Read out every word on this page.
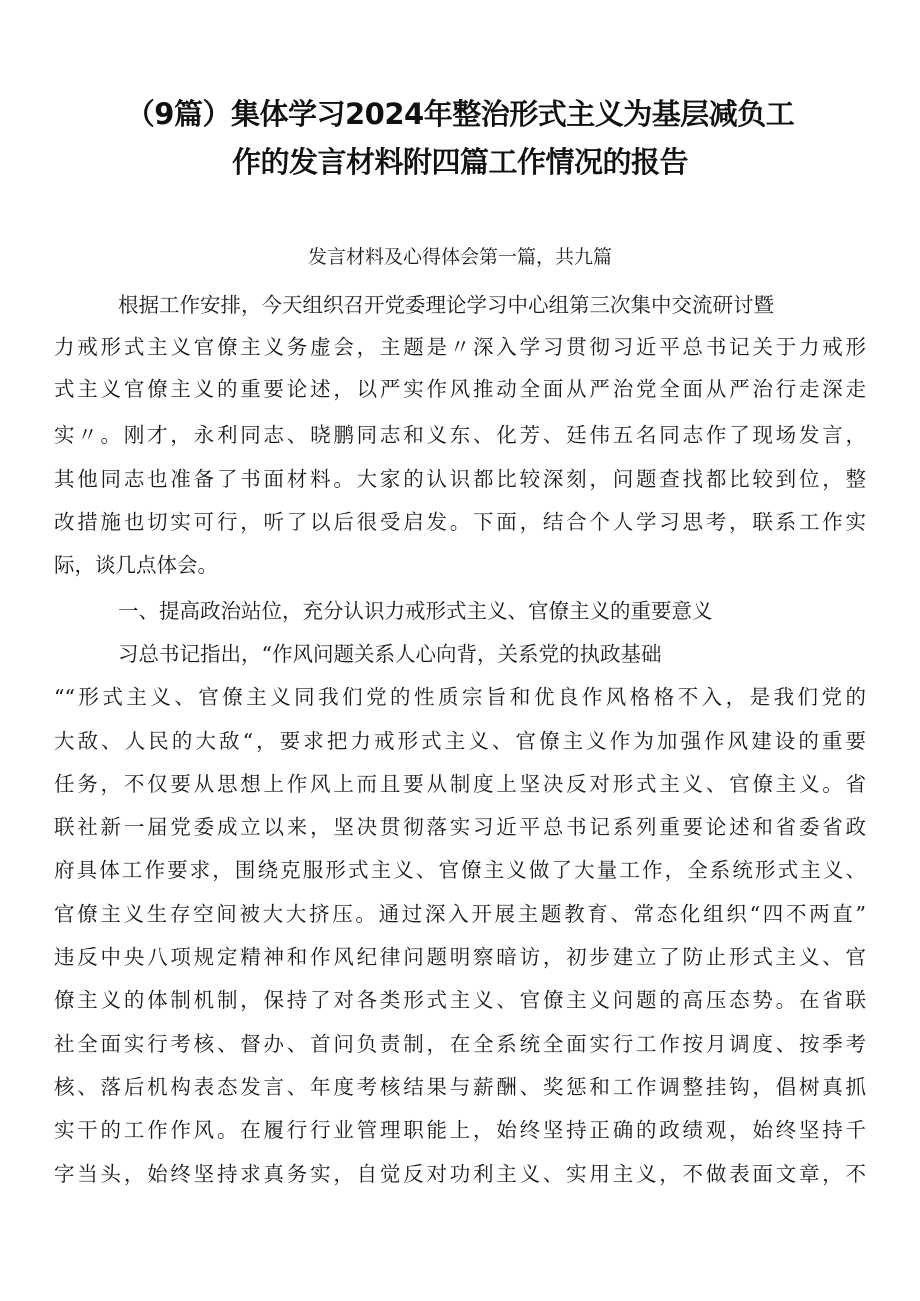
（9篇）集体学习2024年整治形式主义为基层减负工
作的发言材料附四篇工作情况的报告
发言材料及心得体会第一篇，共九篇
根据工作安排，今天组织召开党委理论学习中心组第三次集中交流研讨暨
力戒形式主义官僚主义务虚会，主题是〃深入学习贯彻习近平总书记关于力戒形
式主义官僚主义的重要论述，以严实作风推动全面从严治党全面从严治行走深走
实〃。刚才，永利同志、晓鹏同志和义东、化芳、廷伟五名同志作了现场发言，
其他同志也准备了书面材料。大家的认识都比较深刻，问题查找都比较到位，整
改措施也切实可行，听了以后很受启发。下面，结合个人学习思考，联系工作实
际，谈几点体会。
一、提高政治站位，充分认识力戒形式主义、官僚主义的重要意义
习总书记指出，“作风问题关系人心向背，关系党的执政基础
““形式主义、官僚主义同我们党的性质宗旨和优良作风格格不入，是我们党的
大敌、人民的大敌“，要求把力戒形式主义、官僚主义作为加强作风建设的重要
任务，不仅要从思想上作风上而且要从制度上坚决反对形式主义、官僚主义。省
联社新一届党委成立以来，坚决贯彻落实习近平总书记系列重要论述和省委省政
府具体工作要求，围绕克服形式主义、官僚主义做了大量工作，全系统形式主义、
官僚主义生存空间被大大挤压。通过深入开展主题教育、常态化组织“四不两直”
违反中央八项规定精神和作风纪律问题明察暗访，初步建立了防止形式主义、官
僚主义的体制机制，保持了对各类形式主义、官僚主义问题的高压态势。在省联
社全面实行考核、督办、首问负责制，在全系统全面实行工作按月调度、按季考
核、落后机构表态发言、年度考核结果与薪酬、奖惩和工作调整挂钩，倡树真抓
实干的工作作风。在履行行业管理职能上，始终坚持正确的政绩观，始终坚持千
字当头，始终坚持求真务实，自觉反对功利主义、实用主义，不做表面文章，不
